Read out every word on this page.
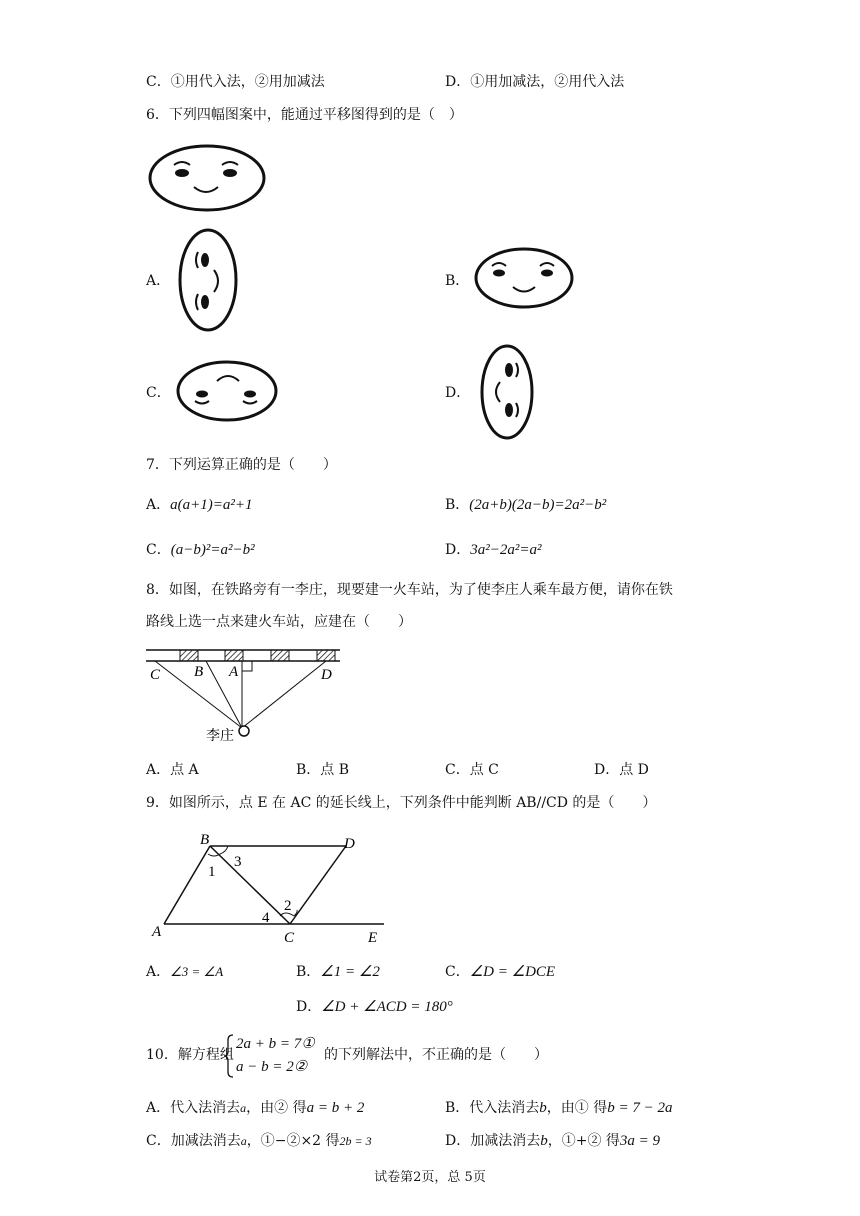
C．①用代入法，②用加减法	D．①用加减法，②用代入法
6．下列四幅图案中，能通过平移图得到的是（　）
A．	B．
C．	D．
7．下列运算正确的是（　　）
A．a(a+1)=a²+1	B．(2a+b)(2a−b)=2a²−b²
C．(a−b)²=a²−b²	D．3a²−2a²=a²
8．如图，在铁路旁有一李庄，现要建一火车站，为了使李庄人乘车最方便，请你在铁
路线上选一点来建火车站，应建在（　　）
C B A	D
李庄
A．点 A	B．点 B	C．点 C	D．点 D
9．如图所示，点 E 在 AC 的延长线上，下列条件中能判断 AB//CD 的是（　　）
B	D
A	C	E
1
3
2
4
A．∠3 = ∠A	B．∠1 = ∠2	C．∠D = ∠DCE
D．∠D + ∠ACD = 180°
10．解方程组
2a + b = 7①
a − b = 2②
的下列解法中，不正确的是（　　）
A．代入法消去a，由② 得a = b + 2	B．代入法消去b，由① 得b = 7 − 2a
C．加减法消去a，①−②×2 得2b = 3	D．加减法消去b，①+② 得3a = 9
试卷第2页，总 5页
